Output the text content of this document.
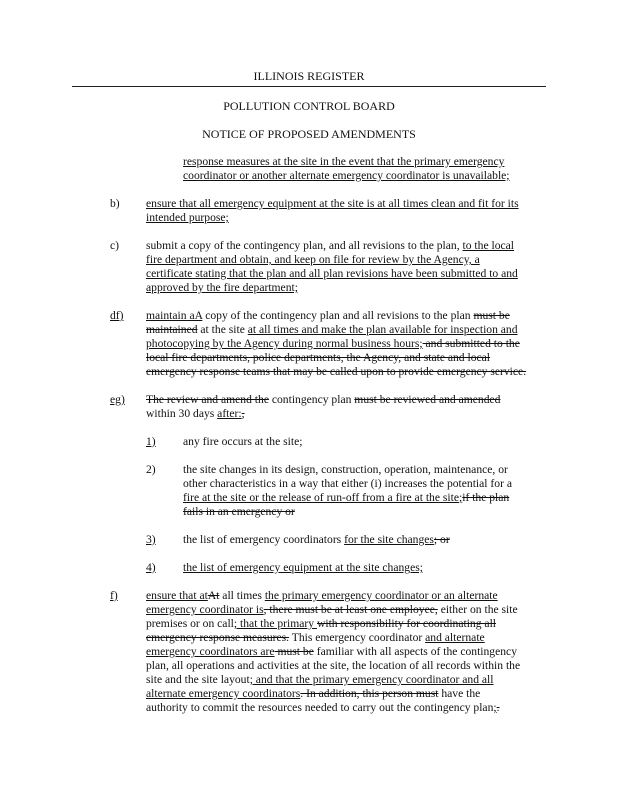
ILLINOIS REGISTER
POLLUTION CONTROL BOARD
NOTICE OF PROPOSED AMENDMENTS
response measures at the site in the event that the primary emergency
coordinator or another alternate emergency coordinator is unavailable;
b) ensure that all emergency equipment at the site is at all times clean and fit for its
intended purpose;
c) submit a copy of the contingency plan, and all revisions to the plan, to the local
fire department and obtain, and keep on file for review by the Agency, a
certificate stating that the plan and all plan revisions have been submitted to and
approved by the fire department;
df) maintain aA copy of the contingency plan and all revisions to the plan must be
maintained at the site at all times and make the plan available for inspection and
photocopying by the Agency during normal business hours; and submitted to the
local fire departments, police departments, the Agency, and state and local
emergency response teams that may be called upon to provide emergency service.
eg) The review and amend the contingency plan must be reviewed and amended
within 30 days after:,
1) any fire occurs at the site;
2) the site changes in its design, construction, operation, maintenance, or
other characteristics in a way that either (i) increases the potential for a
fire at the site or the release of run-off from a fire at the site;if the plan
fails in an emergency or
3) the list of emergency coordinators for the site changes; or
4) the list of emergency equipment at the site changes;
f) ensure that atAt all times the primary emergency coordinator or an alternate
emergency coordinator is, there must be at least one employee, either on the site
premises or on call; that the primary with responsibility for coordinating all
emergency response measures. This emergency coordinator and alternate
emergency coordinators are must be familiar with all aspects of the contingency
plan, all operations and activities at the site, the location of all records within the
site and the site layout; and that the primary emergency coordinator and all
alternate emergency coordinators. In addition, this person must have the
authority to commit the resources needed to carry out the contingency plan;.
